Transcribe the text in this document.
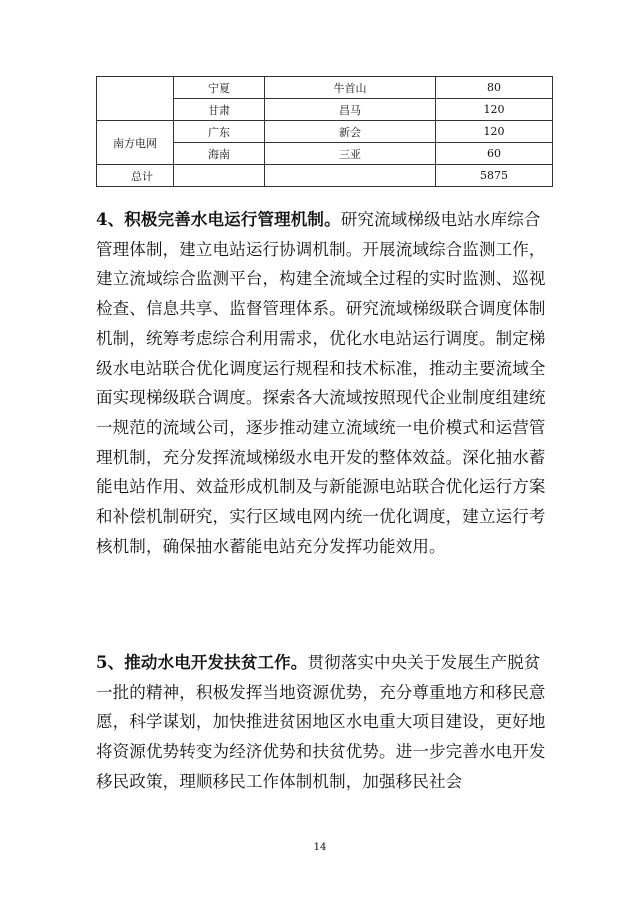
	宁夏	牛首山	80
	甘肃	昌马	120
南方电网	广东	新会	120
	海南	三亚	60
总计			5875

4、积极完善水电运行管理机制。研究流域梯级电站水库综合管理体制，建立电站运行协调机制。开展流域综合监测工作，建立流域综合监测平台，构建全流域全过程的实时监测、巡视检查、信息共享、监督管理体系。研究流域梯级联合调度体制机制，统筹考虑综合利用需求，优化水电站运行调度。制定梯级水电站联合优化调度运行规程和技术标准，推动主要流域全面实现梯级联合调度。探索各大流域按照现代企业制度组建统一规范的流域公司，逐步推动建立流域统一电价模式和运营管理机制，充分发挥流域梯级水电开发的整体效益。深化抽水蓄能电站作用、效益形成机制及与新能源电站联合优化运行方案和补偿机制研究，实行区域电网内统一优化调度，建立运行考核机制，确保抽水蓄能电站充分发挥功能效用。

5、推动水电开发扶贫工作。贯彻落实中央关于发展生产脱贫一批的精神，积极发挥当地资源优势，充分尊重地方和移民意愿，科学谋划，加快推进贫困地区水电重大项目建设，更好地将资源优势转变为经济优势和扶贫优势。进一步完善水电开发移民政策，理顺移民工作体制机制，加强移民社会

14
